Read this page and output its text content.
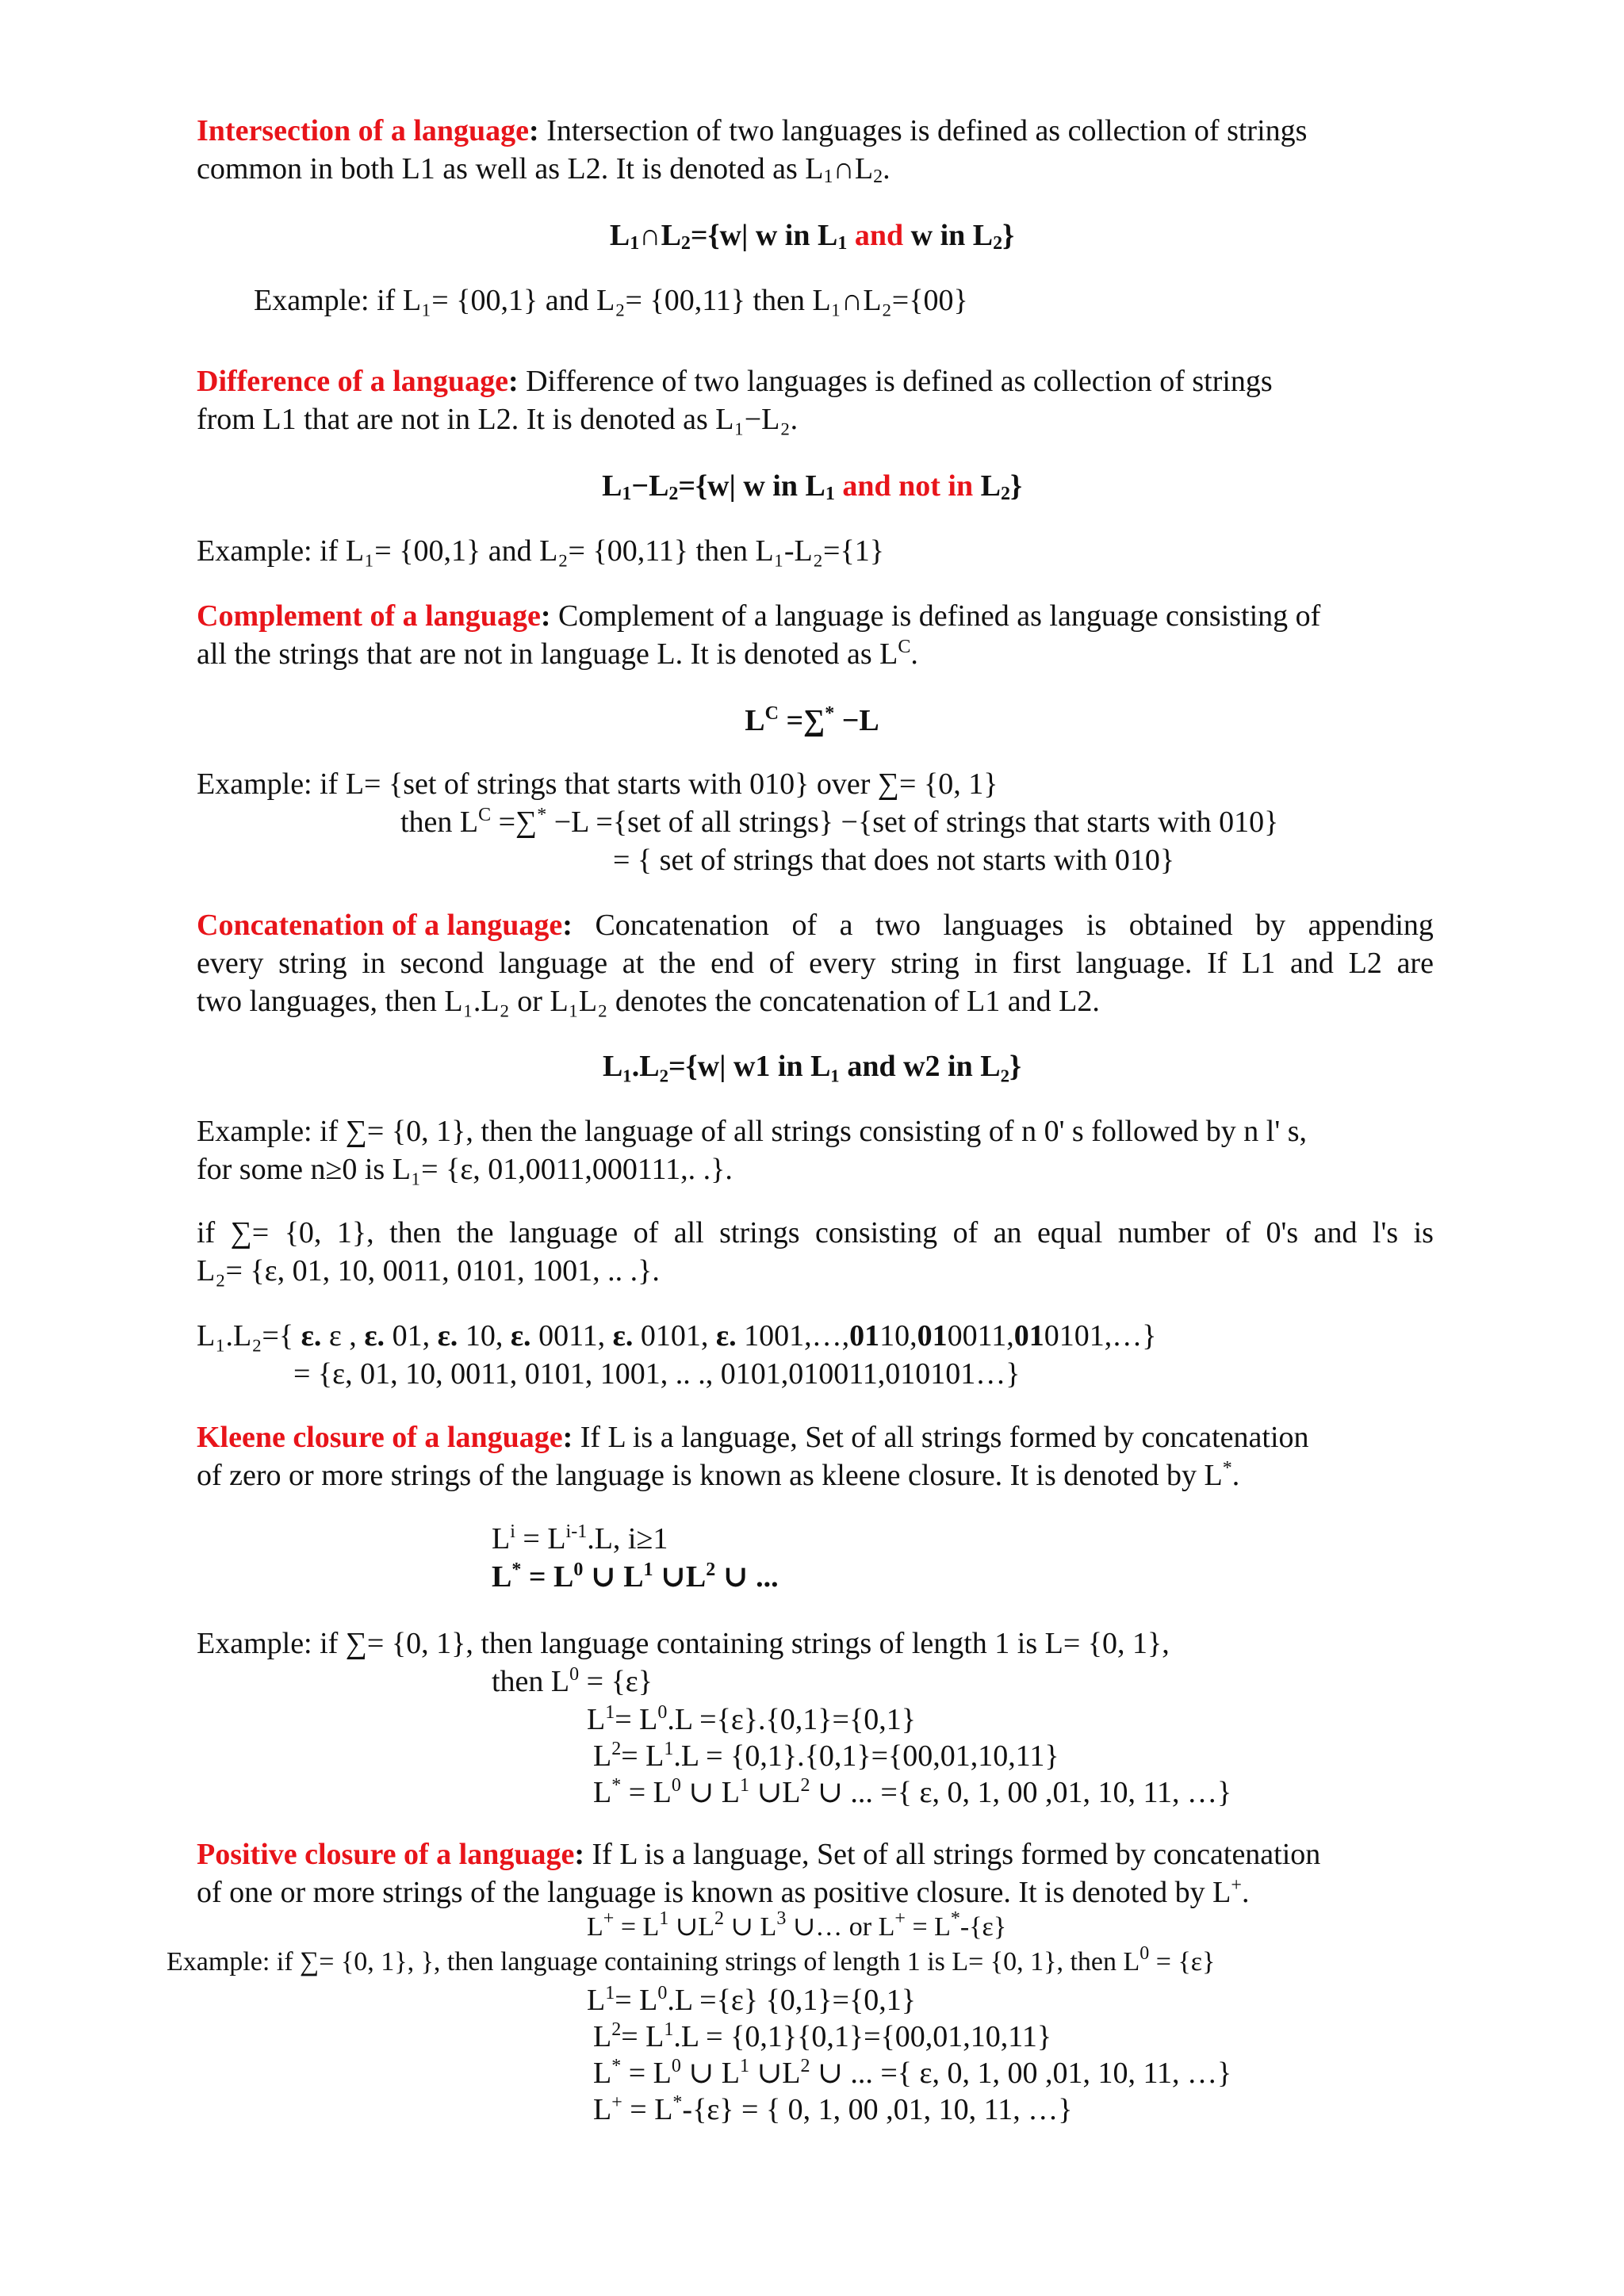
Intersection of a language: Intersection of two languages is defined as collection of strings
common in both L1 as well as L2. It is denoted as $L_1\cap L_2$.
$L_1\cap L_2=\{w|$ w in $L_1$ and w in $L_2$}
Example: if L₁= {00,1} and L₂= {00,11} then L₁∩L₂={00}
Difference of a language: Difference of two languages is defined as collection of strings
from L1 that are not in L2. It is denoted as L₁−L₂.
$L_1-L_2=\{w|$ w in $L_1$ and not in $L_2$}
Example: if L₁= {00,1} and L₂= {00,11} then L₁-L₂={1}
Complement of a language: Complement of a language is defined as language consisting of
all the strings that are not in language L. It is denoted as $L^C$.
$L^C =\sum^* -L$
Example: if L= {set of strings that starts with 010} over ∑= {0, 1}
then $L^C =\sum^* -L =\{set$ of all strings} −{set of strings that starts with 010}
= { set of strings that does not starts with 010}
Concatenation of a language: Concatenation of a two languages is obtained by appending
every string in second language at the end of every string in first language. If L1 and L2 are
two languages, then L₁.L₂ or L₁L₂ denotes the concatenation of L1 and L2.
L₁.L₂={w| w1 in L₁ and w2 in L₂}
Example: if ∑= {0, 1}, then the language of all strings consisting of n 0' s followed by n l' s,
for some n≥0 is L₁= {ε, 01,0011,000111,. .}.
if ∑= {0, 1}, then the language of all strings consisting of an equal number of 0's and l's is
L₂= {ε, 01, 10, 0011, 0101, 1001, .. .}.
L₁.L₂={ ε. ε , ε. 01, ε. 10, ε. 0011, ε. 0101, ε. 1001,…,0110,010011,010101,…}
= {ε, 01, 10, 0011, 0101, 1001, .. ., 0101,010011,010101…}
Kleene closure of a language: If L is a language, Set of all strings formed by concatenation
of zero or more strings of the language is known as kleene closure. It is denoted by L*.
$L^i = L^{i-1}.L$, i≥1
$L^* = L^0$ ∪ $L^1$ $\cup L^2$ ∪ ...
Example: if ∑= {0, 1}, then language containing strings of length 1 is L= {0, 1},
then $L^0 = \{\varepsilon\}$
$L^1= L^0.L =\{\varepsilon\}.\{0,1\}=\{0,1\}$
$L^2= L^1.L = \{0,1\}.\{0,1\}=\{00,01,10,11\}$
$L^* = L^0$ ∪ $L^1$ $\cup L^2$ ∪ ... ={ ε, 0, 1, 00 ,01, 10, 11, …}
Positive closure of a language: If L is a language, Set of all strings formed by concatenation
of one or more strings of the language is known as positive closure. It is denoted by L+.
$L^+ = L^1$ $\cup L^2$ ∪ $L^3$ ∪… or L+ = L*-{ε}
Example: if ∑= {0, 1}, }, then language containing strings of length 1 is L= {0, 1}, then $L^0 = \{\varepsilon\}$
$L^1= L^0.L =\{\varepsilon\}$ {0,1}={0,1}
$L^2= L^1.L = \{0,1\}\{0,1\}=\{00,01,10,11\}$
$L^* = L^0$ ∪ $L^1$ $\cup L^2$ ∪ ... ={ ε, 0, 1, 00 ,01, 10, 11, …}
L+ = L*-{ε} = { 0, 1, 00 ,01, 10, 11, …}
